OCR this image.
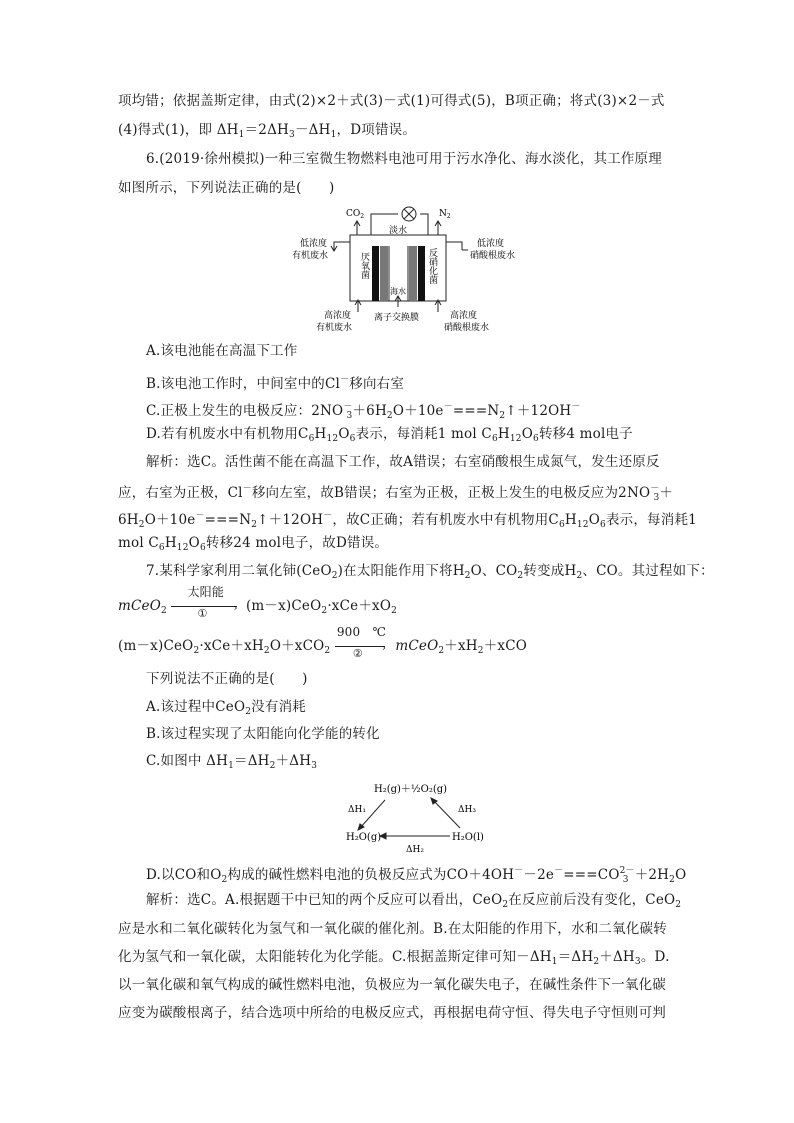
项均错；依据盖斯定律，由式(2)×2＋式(3)－式(1)可得式(5)，B项正确；将式(3)×2－式
(4)得式(1)，即 $\Delta H_1=2\Delta H_3-\Delta H_1$，D项错误。
6.(2019·徐州模拟)一种三室微生物燃料电池可用于污水净化、海水淡化，其工作原理
如图所示，下列说法正确的是(　　)
$CO_2$	$N_2$
淡水
低浓度
有机废水
低浓度
硝酸根废水
厌氧菌	反硝化菌
海水
高浓度
有机废水
离子交换膜	高浓度
硝酸根废水
A.该电池能在高温下工作
B.该电池工作时，中间室中的Cl－移向右室
C.正极上发生的电极反应：$2NO^-_3+6H_2O+10e^-===N_2↑+12OH^-$
D.若有机废水中有机物用$C_6H_{12}O_6$表示，每消耗1 mol $C_6H_{12}O_6$转移4 mol电子
解析：选C。活性菌不能在高温下工作，故A错误；右室硝酸根生成氮气，发生还原反
应，右室为正极，Cl－移向左室，故B错误；右室为正极，正极上发生的电极反应为$2NO^-_3+$
$6H_2O+10e^-===N_2↑+12OH^-$，故C正确；若有机废水中有机物用$C_6H_{12}O_6$表示，每消耗1
mol $C_6H_{12}O_6$转移24 mol电子，故D错误。
7.某科学家利用二氧化铈(CeO$_2$)在太阳能作用下将$H_2O$、$CO_2$转变成$H_2$、CO。其过程如下：
mCeO$_2$
太阳能
›
①	$(m-x)CeO_2\cdot xCe+xO_2$
$(m-x)CeO_2\cdot xCe+xH_2O+xCO_2$
900　℃
›
② $mCeO_2+xH_2+xCO$
下列说法不正确的是(　　)
A.该过程中CeO$_2$没有消耗
B.该过程实现了太阳能向化学能的转化
C.如图中 $\Delta H_1=\Delta H_2+\Delta H_3$
H₂(g)＋½O₂(g)
H₂O(g)	H₂O(l)
ΔH₁	ΔH₃
ΔH₂
D.以CO和$O_2$构成的碱性燃料电池的负极反应式为$CO+4OH^--2e^-===CO^{2-}_3 +2H_2O$
解析：选C。A.根据题干中已知的两个反应可以看出，CeO$_2$在反应前后没有变化，CeO$_2$
应是水和二氧化碳转化为氢气和一氧化碳的催化剂。B.在太阳能的作用下，水和二氧化碳转
化为氢气和一氧化碳，太阳能转化为化学能。C.根据盖斯定律可知$-\Delta H_1=\Delta H_2+\Delta H_3$。D.
以一氧化碳和氧气构成的碱性燃料电池，负极应为一氧化碳失电子，在碱性条件下一氧化碳
应变为碳酸根离子，结合选项中所给的电极反应式，再根据电荷守恒、得失电子守恒则可判
